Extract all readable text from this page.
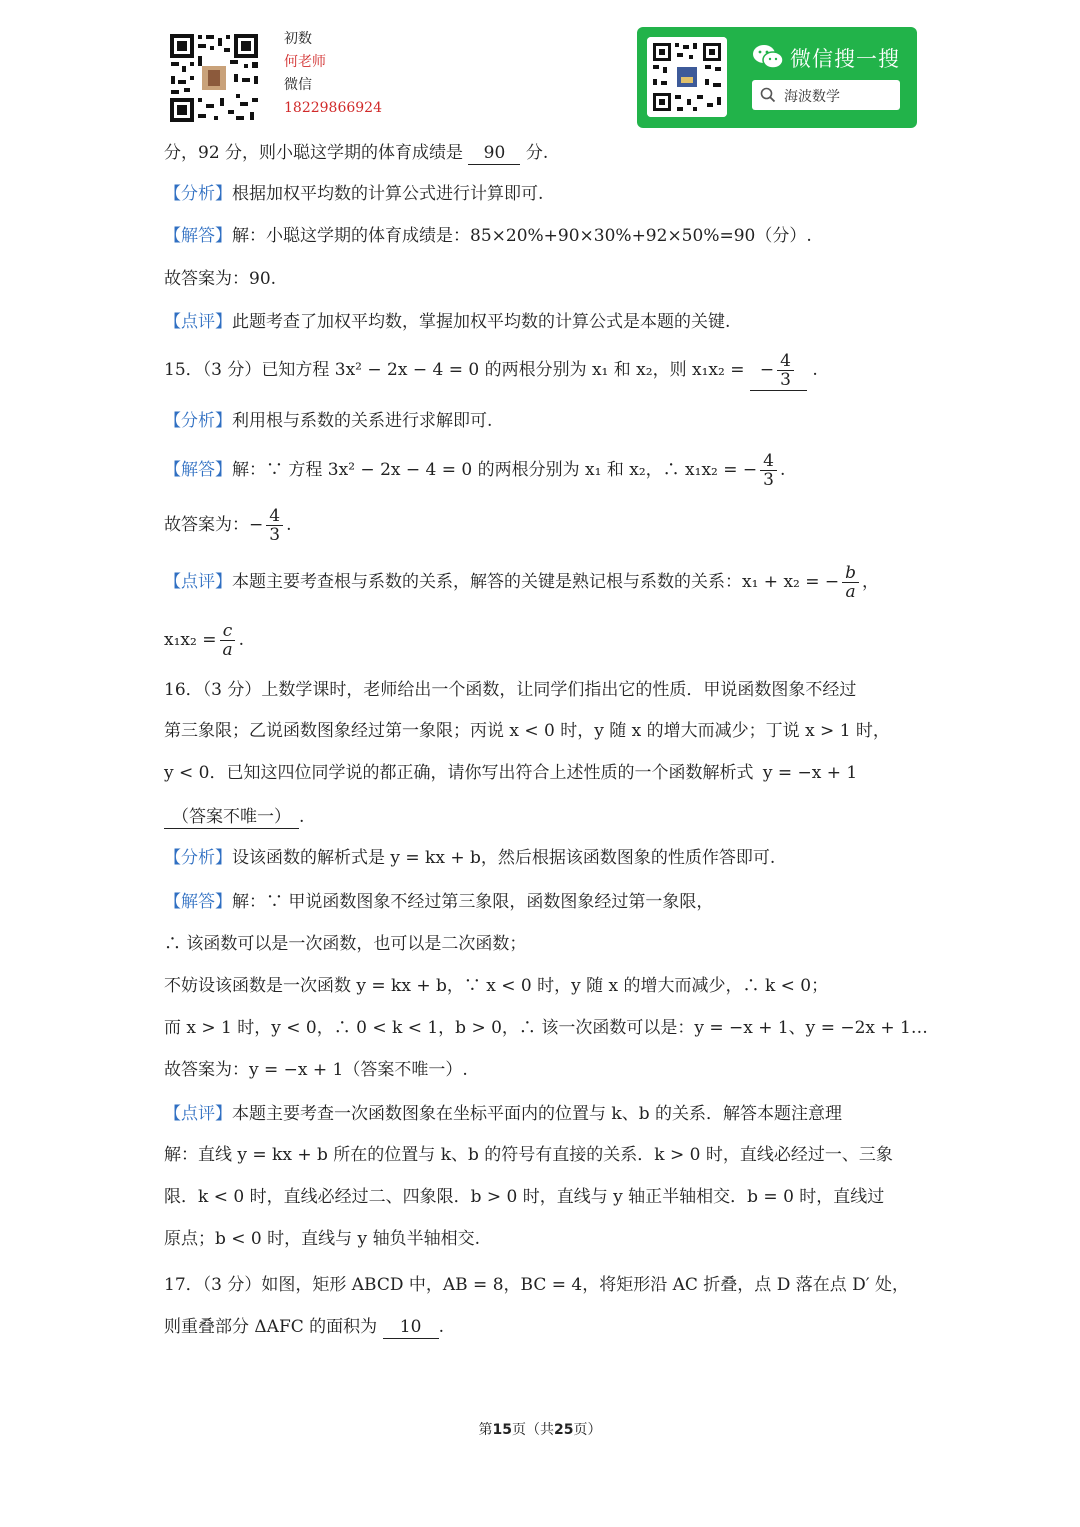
初数
何老师
微信
18229866924
微信搜一搜
海波数学
分，92 分，则小聪这学期的体育成绩是 90 分.
【分析】根据加权平均数的计算公式进行计算即可.
【解答】解：小聪这学期的体育成绩是：85×20%+90×30%+92×50%=90（分）.
故答案为：90.
【点评】此题考查了加权平均数，掌握加权平均数的计算公式是本题的关键.
15．（3 分）已知方程 3x² − 2x − 4 = 0 的两根分别为 x₁ 和 x₂，则 x₁x₂ = − $\frac{4}{3}$ .
【分析】利用根与系数的关系进行求解即可.
【解答】解：∵ 方程 3x² − 2x − 4 = 0 的两根分别为 x₁ 和 x₂，∴ x₁x₂ = − $\frac{4}{3}$ .
故答案为：− $\frac{4}{3}$ .
【点评】本题主要考查根与系数的关系，解答的关键是熟记根与系数的关系：x₁ + x₂ = − $\frac{b}{a}$ ，
$x_1x_2 = \frac{c}{a}$ .
16．（3 分）上数学课时，老师给出一个函数，让同学们指出它的性质．甲说函数图象不经过
第三象限；乙说函数图象经过第一象限；丙说 x < 0 时，y 随 x 的增大而减少；丁说 x > 1 时，
y < 0．已知这四位同学说的都正确，请你写出符合上述性质的一个函数解析式 y = −x + 1
（答案不唯一） .
【分析】设该函数的解析式是 y = kx + b，然后根据该函数图象的性质作答即可.
【解答】解：∵ 甲说函数图象不经过第三象限，函数图象经过第一象限，
∴ 该函数可以是一次函数，也可以是二次函数；
不妨设该函数是一次函数 y = kx + b，∵ x < 0 时，y 随 x 的增大而减少，∴ k < 0；
而 x > 1 时，y < 0，∴ 0 < k < 1，b > 0，∴ 该一次函数可以是：y = −x + 1、y = −2x + 1…
故答案为：y = −x + 1（答案不唯一）.
【点评】本题主要考查一次函数图象在坐标平面内的位置与 k、b 的关系．解答本题注意理
解：直线 y = kx + b 所在的位置与 k、b 的符号有直接的关系．k > 0 时，直线必经过一、三象
限．k < 0 时，直线必经过二、四象限．b > 0 时，直线与 y 轴正半轴相交．b = 0 时，直线过
原点；b < 0 时，直线与 y 轴负半轴相交.
17．（3 分）如图，矩形 ABCD 中，AB = 8，BC = 4，将矩形沿 AC 折叠，点 D 落在点 D′ 处，
则重叠部分 ΔAFC 的面积为 10 .
第15页（共25页）
